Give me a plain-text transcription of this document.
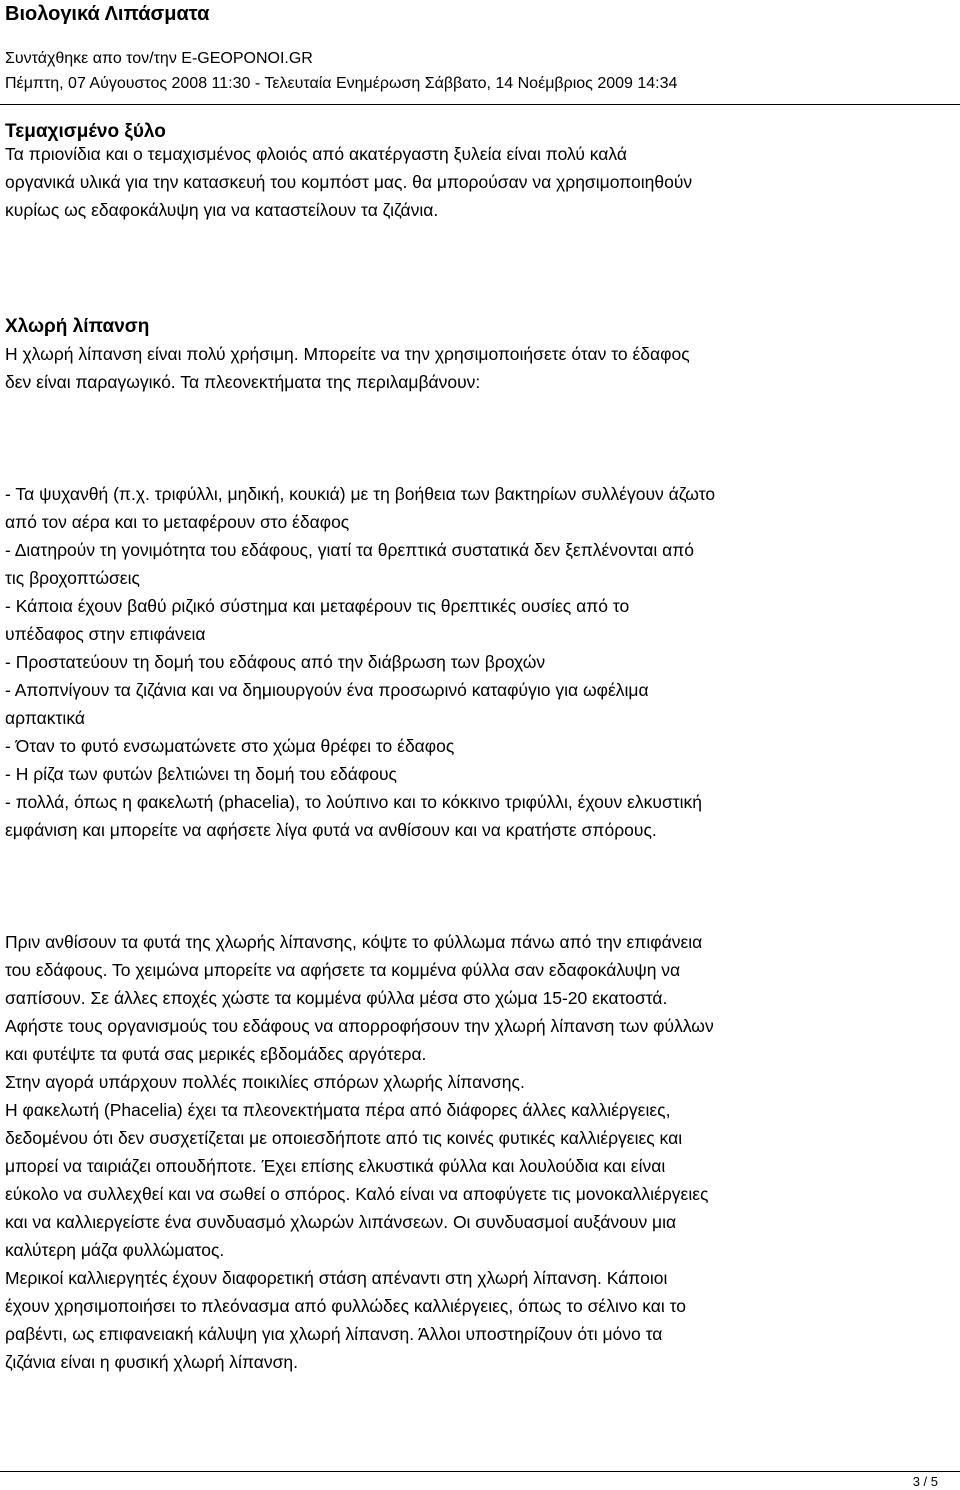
Βιολογικά Λιπάσματα
Συντάχθηκε απο τον/την E-GEOPONOI.GR
Πέμπτη, 07 Αύγουστος 2008 11:30 - Τελευταία Ενημέρωση Σάββατο, 14 Νοέμβριος 2009 14:34
Τεμαχισμένο ξύλο
Τα πριονίδια και ο τεμαχισμένος φλοιός από ακατέργαστη ξυλεία είναι πολύ καλά
οργανικά υλικά για την κατασκευή του κομπόστ μας. θα μπορούσαν να χρησιμοποιηθούν
κυρίως ως εδαφοκάλυψη για να καταστείλουν τα ζιζάνια.
Χλωρή λίπανση
Η χλωρή λίπανση είναι πολύ χρήσιμη. Μπορείτε να την χρησιμοποιήσετε όταν το έδαφος
δεν είναι παραγωγικό. Τα πλεονεκτήματα της περιλαμβάνουν:
- Τα ψυχανθή (π.χ. τριφύλλι, μηδική, κουκιά) με τη βοήθεια των βακτηρίων συλλέγουν άζωτο
από τον αέρα και το μεταφέρουν στο έδαφος
- Διατηρούν τη γονιμότητα του εδάφους, γιατί τα θρεπτικά συστατικά δεν ξεπλένονται από
τις βροχοπτώσεις
- Κάποια έχουν βαθύ ριζικό σύστημα και μεταφέρουν τις θρεπτικές ουσίες από το
υπέδαφος στην επιφάνεια
- Προστατεύουν τη δομή του εδάφους από την διάβρωση των βροχών
- Αποπνίγουν τα ζιζάνια και να δημιουργούν ένα προσωρινό καταφύγιο για ωφέλιμα
αρπακτικά
- Όταν το φυτό ενσωματώνετε στο χώμα θρέφει το έδαφος
- Η ρίζα των φυτών βελτιώνει τη δομή του εδάφους
- πολλά, όπως η φακελωτή (phacelia), το λούπινο και το κόκκινο τριφύλλι, έχουν ελκυστική
εμφάνιση και μπορείτε να αφήσετε λίγα φυτά να ανθίσουν και να κρατήστε σπόρους.
Πριν ανθίσουν τα φυτά της χλωρής λίπανσης, κόψτε το φύλλωμα πάνω από την επιφάνεια
του εδάφους. Το χειμώνα μπορείτε να αφήσετε τα κομμένα φύλλα σαν εδαφοκάλυψη να
σαπίσουν. Σε άλλες εποχές χώστε τα κομμένα φύλλα μέσα στο χώμα 15-20 εκατοστά.
Αφήστε τους οργανισμούς του εδάφους να απορροφήσουν την χλωρή λίπανση των φύλλων
και φυτέψτε τα φυτά σας μερικές εβδομάδες αργότερα.
Στην αγορά υπάρχουν πολλές ποικιλίες σπόρων χλωρής λίπανσης.
Η φακελωτή (Phacelia) έχει τα πλεονεκτήματα πέρα από διάφορες άλλες καλλιέργειες,
δεδομένου ότι δεν συσχετίζεται με οποιεσδήποτε από τις κοινές φυτικές καλλιέργειες και
μπορεί να ταιριάζει οπουδήποτε. Έχει επίσης ελκυστικά φύλλα και λουλούδια και είναι
εύκολο να συλλεχθεί και να σωθεί ο σπόρος. Καλό είναι να αποφύγετε τις μονοκαλλιέργειες
και να καλλιεργείστε ένα συνδυασμό χλωρών λιπάνσεων. Οι συνδυασμοί αυξάνουν μια
καλύτερη μάζα φυλλώματος.
Μερικοί καλλιεργητές έχουν διαφορετική στάση απέναντι στη χλωρή λίπανση. Κάποιοι
έχουν χρησιμοποιήσει το πλεόνασμα από φυλλώδες καλλιέργειες, όπως το σέλινο και το
ραβέντι, ως επιφανειακή κάλυψη για χλωρή λίπανση. Άλλοι υποστηρίζουν ότι μόνο τα
ζιζάνια είναι η φυσική χλωρή λίπανση.
3 / 5
